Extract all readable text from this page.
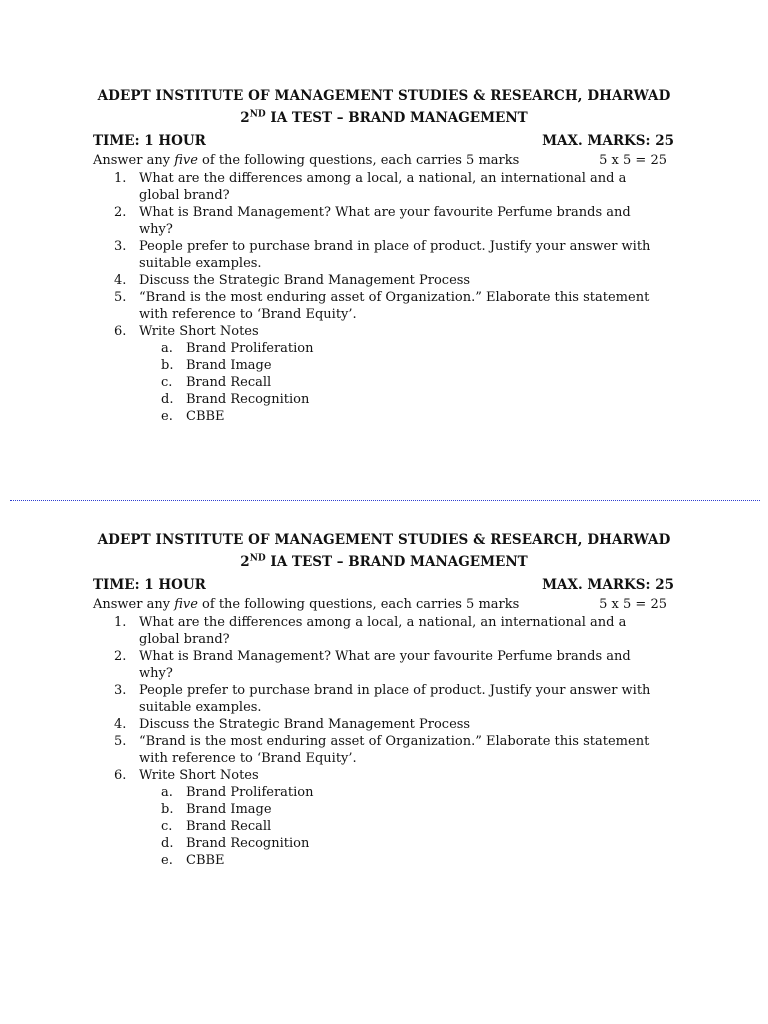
ADEPT INSTITUTE OF MANAGEMENT STUDIES & RESEARCH, DHARWAD
2ND IA TEST – BRAND MANAGEMENT
TIME: 1 HOUR	MAX. MARKS: 25
Answer any five of the following questions, each carries 5 marks	5 x 5 = 25
1. What are the differences among a local, a national, an international and a global brand?
2. What is Brand Management? What are your favourite Perfume brands and why?
3. People prefer to purchase brand in place of product. Justify your answer with suitable examples.
4. Discuss the Strategic Brand Management Process
5. “Brand is the most enduring asset of Organization.” Elaborate this statement with reference to ‘Brand Equity’.
6. Write Short Notes
a. Brand Proliferation
b. Brand Image
c. Brand Recall
d. Brand Recognition
e. CBBE
ADEPT INSTITUTE OF MANAGEMENT STUDIES & RESEARCH, DHARWAD
2ND IA TEST – BRAND MANAGEMENT
TIME: 1 HOUR	MAX. MARKS: 25
Answer any five of the following questions, each carries 5 marks	5 x 5 = 25
1. What are the differences among a local, a national, an international and a global brand?
2. What is Brand Management? What are your favourite Perfume brands and why?
3. People prefer to purchase brand in place of product. Justify your answer with suitable examples.
4. Discuss the Strategic Brand Management Process
5. “Brand is the most enduring asset of Organization.” Elaborate this statement with reference to ‘Brand Equity’.
6. Write Short Notes
a. Brand Proliferation
b. Brand Image
c. Brand Recall
d. Brand Recognition
e. CBBE
